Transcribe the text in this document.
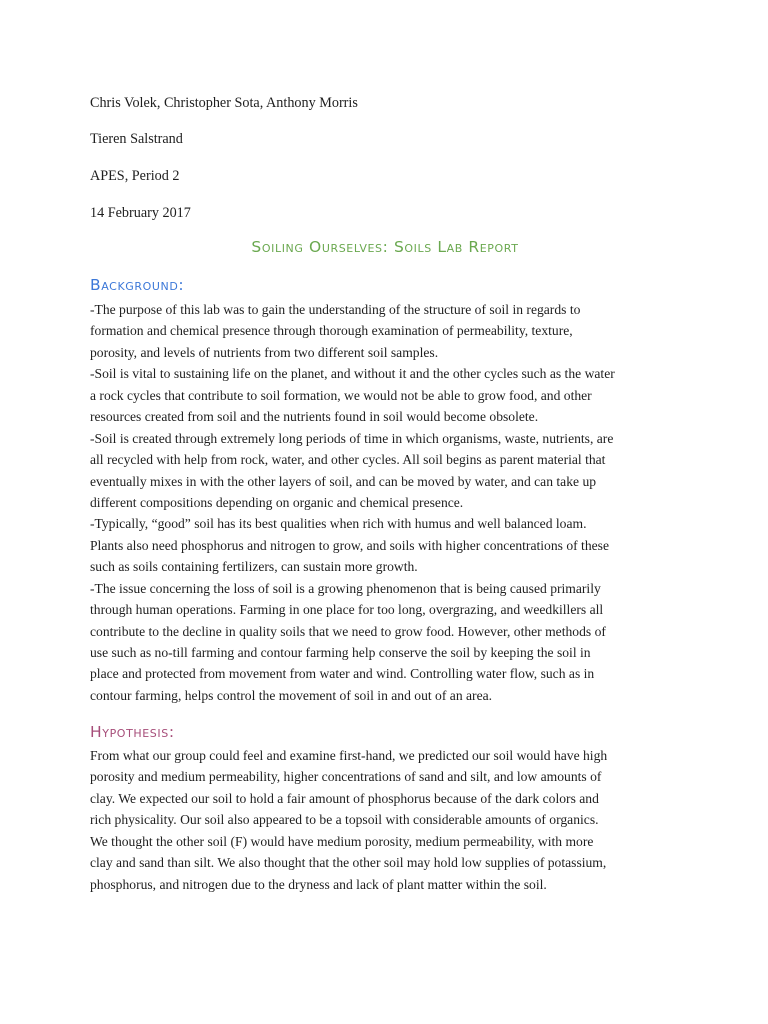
Chris Volek, Christopher Sota, Anthony Morris
Tieren Salstrand
APES, Period 2
14 February 2017
Soiling Ourselves: Soils Lab Report
Background:
-The purpose of this lab was to gain the understanding of the structure of soil in regards to
formation and chemical presence through thorough examination of permeability, texture,
porosity, and levels of nutrients from two different soil samples.
-Soil is vital to sustaining life on the planet, and without it and the other cycles such as the water
a rock cycles that contribute to soil formation, we would not be able to grow food, and other
resources created from soil and the nutrients found in soil would become obsolete.
-Soil is created through extremely long periods of time in which organisms, waste, nutrients, are
all recycled with help from rock, water, and other cycles. All soil begins as parent material that
eventually mixes in with the other layers of soil, and can be moved by water, and can take up
different compositions depending on organic and chemical presence.
-Typically, “good” soil has its best qualities when rich with humus and well balanced loam.
Plants also need phosphorus and nitrogen to grow, and soils with higher concentrations of these
such as soils containing fertilizers, can sustain more growth.
-The issue concerning the loss of soil is a growing phenomenon that is being caused primarily
through human operations. Farming in one place for too long, overgrazing, and weedkillers all
contribute to the decline in quality soils that we need to grow food. However, other methods of
use such as no-till farming and contour farming help conserve the soil by keeping the soil in
place and protected from movement from water and wind. Controlling water flow, such as in
contour farming, helps control the movement of soil in and out of an area.
Hypothesis:
From what our group could feel and examine first-hand, we predicted our soil would have high
porosity and medium permeability, higher concentrations of sand and silt, and low amounts of
clay. We expected our soil to hold a fair amount of phosphorus because of the dark colors and
rich physicality. Our soil also appeared to be a topsoil with considerable amounts of organics.
We thought the other soil (F) would have medium porosity, medium permeability, with more
clay and sand than silt. We also thought that the other soil may hold low supplies of potassium,
phosphorus, and nitrogen due to the dryness and lack of plant matter within the soil.
